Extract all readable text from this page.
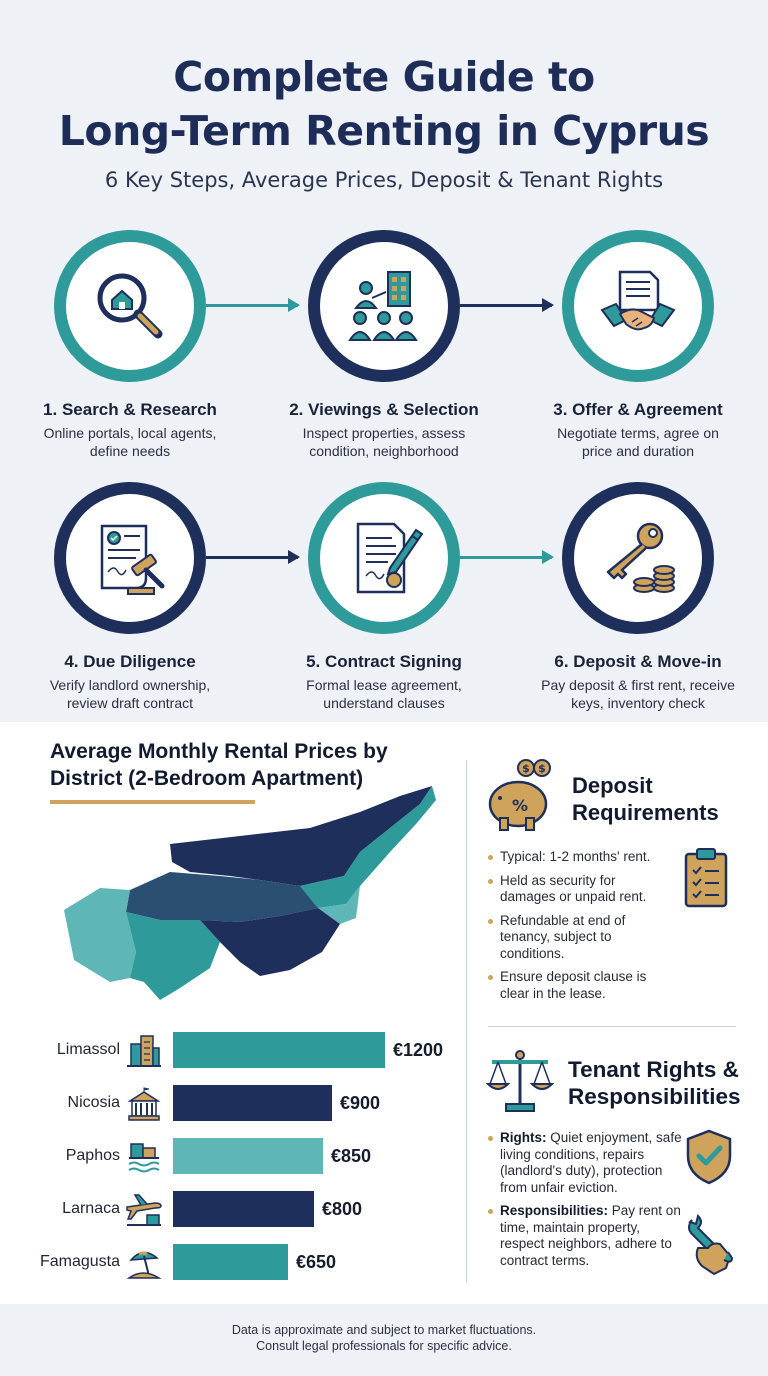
Complete Guide to
Long-Term Renting in Cyprus
6 Key Steps, Average Prices, Deposit & Tenant Rights
1. Search & Research
Online portals, local agents,
define needs
2. Viewings & Selection
Inspect properties, assess
condition, neighborhood
3. Offer & Agreement
Negotiate terms, agree on
price and duration
4. Due Diligence
Verify landlord ownership,
review draft contract
5. Contract Signing
Formal lease agreement,
understand clauses
6. Deposit & Move-in
Pay deposit & first rent, receive
keys, inventory check
Average Monthly Rental Prices by
District (2-Bedroom Apartment)
Limassol	€1200
Nicosia	€900
Paphos	€850
Larnaca	€800
Famagusta	€650
$ $
%
Deposit
Requirements
Typical: 1-2 months' rent.
Held as security for damages or unpaid rent.
Refundable at end of tenancy, subject to conditions.
Ensure deposit clause is clear in the lease.
Tenant Rights &
Responsibilities
Rights: Quiet enjoyment, safe living conditions, repairs (landlord's duty), protection from unfair eviction.
Responsibilities: Pay rent on time, maintain property, respect neighbors, adhere to contract terms.
Data is approximate and subject to market fluctuations.
Consult legal professionals for specific advice.
